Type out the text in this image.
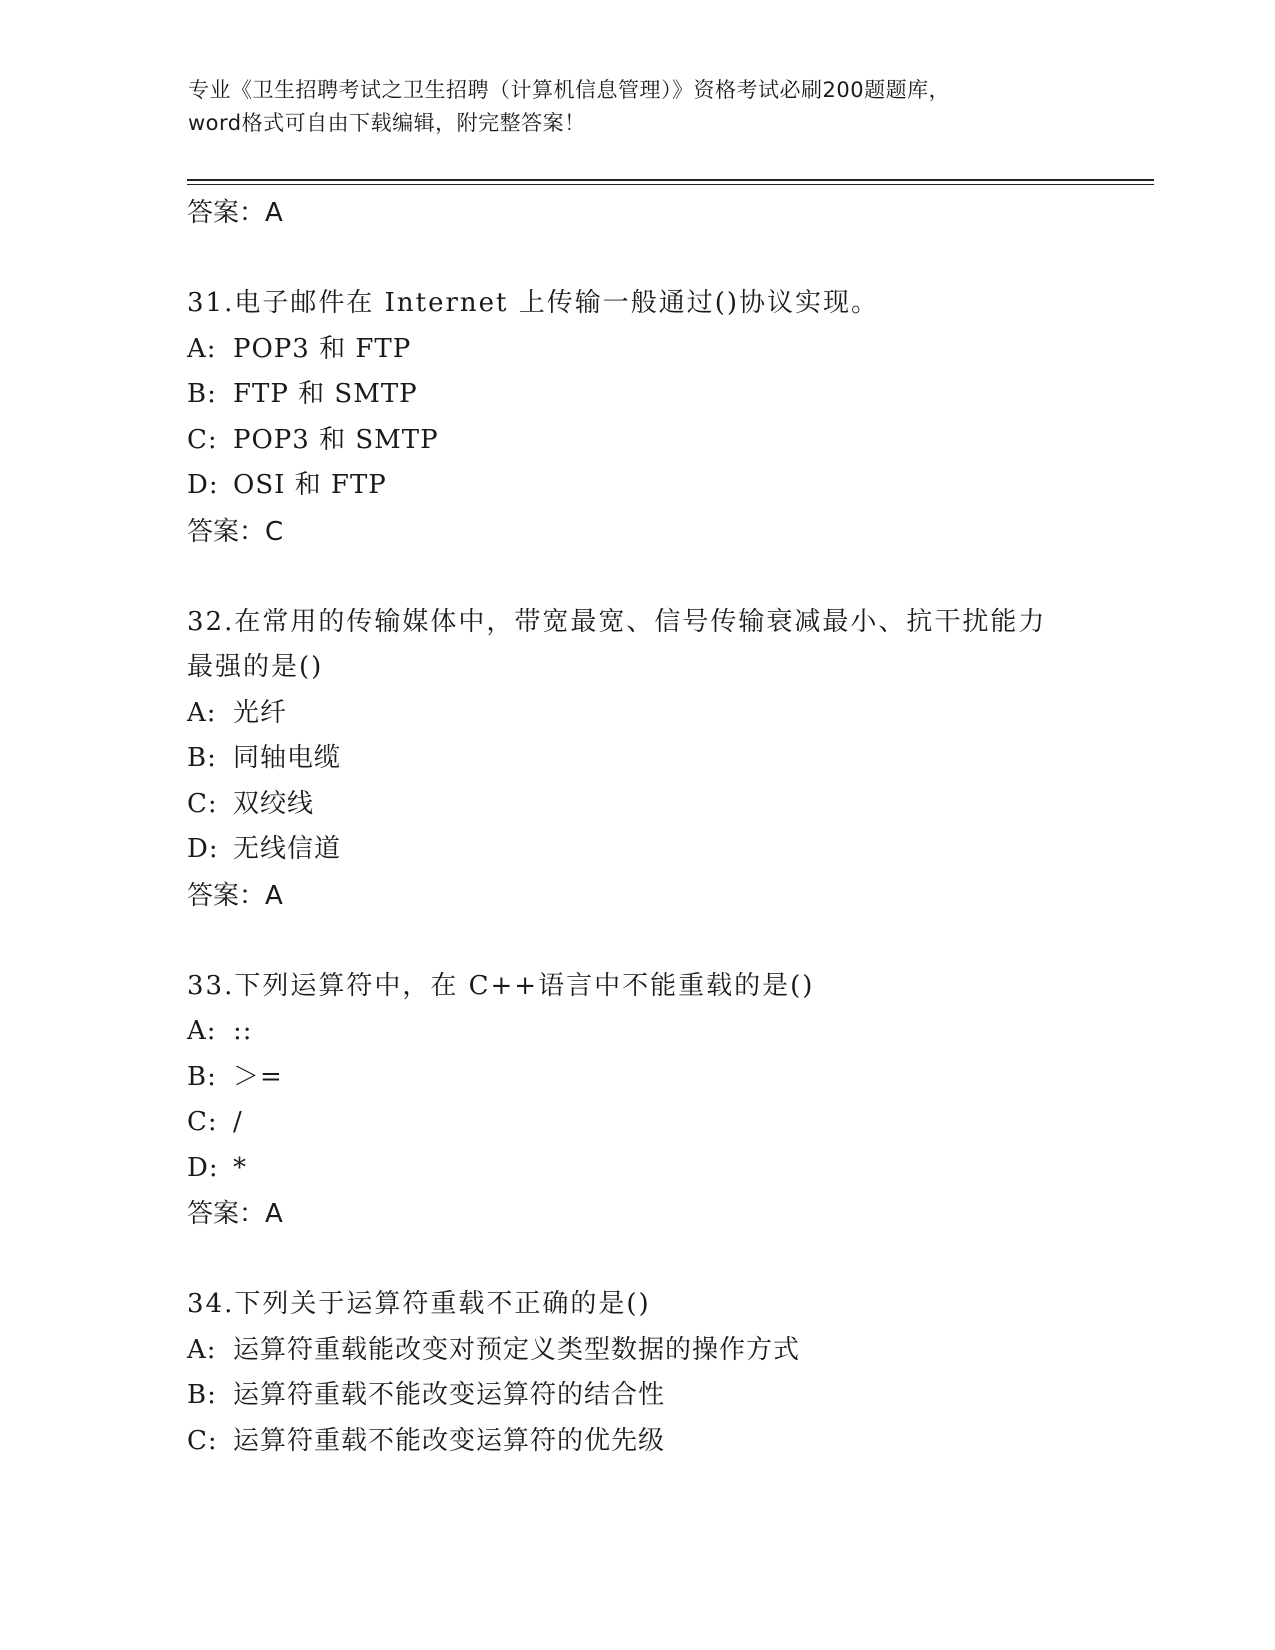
专业《卫生招聘考试之卫生招聘（计算机信息管理）》资格考试必刷200题题库，
word格式可自由下载编辑，附完整答案！
答案：A
31.电子邮件在 Internet 上传输一般通过()协议实现。
A: POP3 和 FTP
B: FTP 和 SMTP
C: POP3 和 SMTP
D: OSI 和 FTP
答案：C
32.在常用的传输媒体中，带宽最宽、信号传输衰减最小、抗干扰能力
最强的是()
A: 光纤
B: 同轴电缆
C: 双绞线
D: 无线信道
答案：A
33.下列运算符中，在 C++语言中不能重载的是()
A: ::
B: ＞=
C: /
D: *
答案：A
34.下列关于运算符重载不正确的是()
A: 运算符重载能改变对预定义类型数据的操作方式
B: 运算符重载不能改变运算符的结合性
C: 运算符重载不能改变运算符的优先级
